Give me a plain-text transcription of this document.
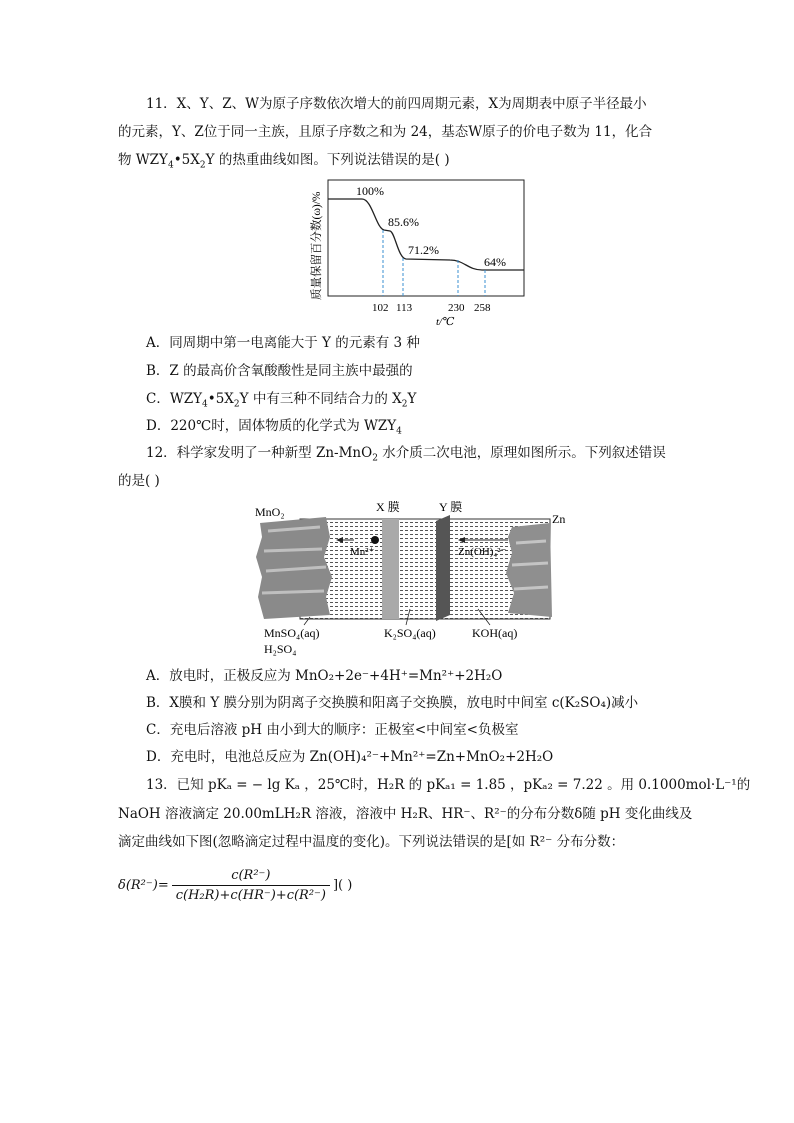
11．X、Y、Z、W为原子序数依次增大的前四周期元素，X为周期表中原子半径最小
的元素，Y、Z位于同一主族，且原子序数之和为 24，基态W原子的价电子数为 11，化合
物 $WZY_4•5X_2Y$ 的热重曲线如图。下列说法错误的是( )
100%
85.6%
71.2%
64%
102 113	230 258
t/℃
质量保留百分数(ω)/%
A．同周期中第一电离能大于 Y 的元素有 3 种
B．Z 的最高价含氧酸酸性是同主族中最强的
C．$WZY_4•5X_2Y$ 中有三种不同结合力的 $X_2Y$
D．220℃时，固体物质的化学式为 $WZY_4$
12．科学家发明了一种新型 Zn-MnO$_2$ 水介质二次电池，原理如图所示。下列叙述错误
的是( )
MnO₂	X 膜	Y 膜
Zn
Mn²⁺	Zn(OH)₄²⁻
MnSO₄(aq)
H₂SO₄
K₂SO₄(aq)	KOH(aq)
A．放电时，正极反应为 MnO₂+2e⁻+4H⁺=Mn²⁺+2H₂O
B．X膜和 Y 膜分别为阴离子交换膜和阳离子交换膜，放电时中间室 c(K₂SO₄)减小
C．充电后溶液 pH 由小到大的顺序：正极室<中间室<负极室
D．充电时，电池总反应为 Zn(OH)₄²⁻+Mn²⁺=Zn+MnO₂+2H₂O
13．已知 pKₐ = − lg Kₐ ，25℃时，H₂R 的 pKₐ₁ = 1.85 ，pKₐ₂ = 7.22 。用 0.1000mol·L⁻¹的
NaOH 溶液滴定 20.00mLH₂R 溶液，溶液中 H₂R、HR⁻、R²⁻的分布分数δ随 pH 变化曲线及
滴定曲线如下图(忽略滴定过程中温度的变化)。下列说法错误的是[如 R²⁻ 分布分数：
δ(R²⁻)=
c(R²⁻)
c(H₂R)+c(HR⁻)+c(R²⁻)
]( )
